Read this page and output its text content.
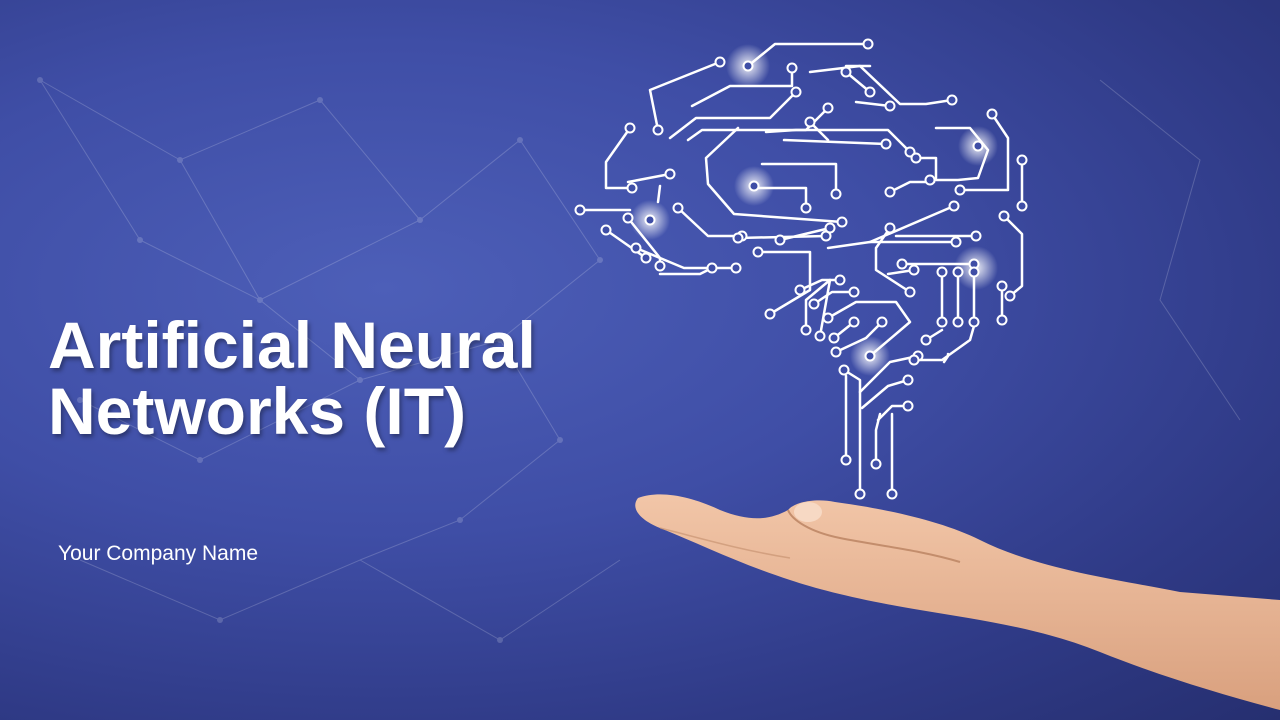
Artificial Neural
Networks (IT)
Your Company Name
